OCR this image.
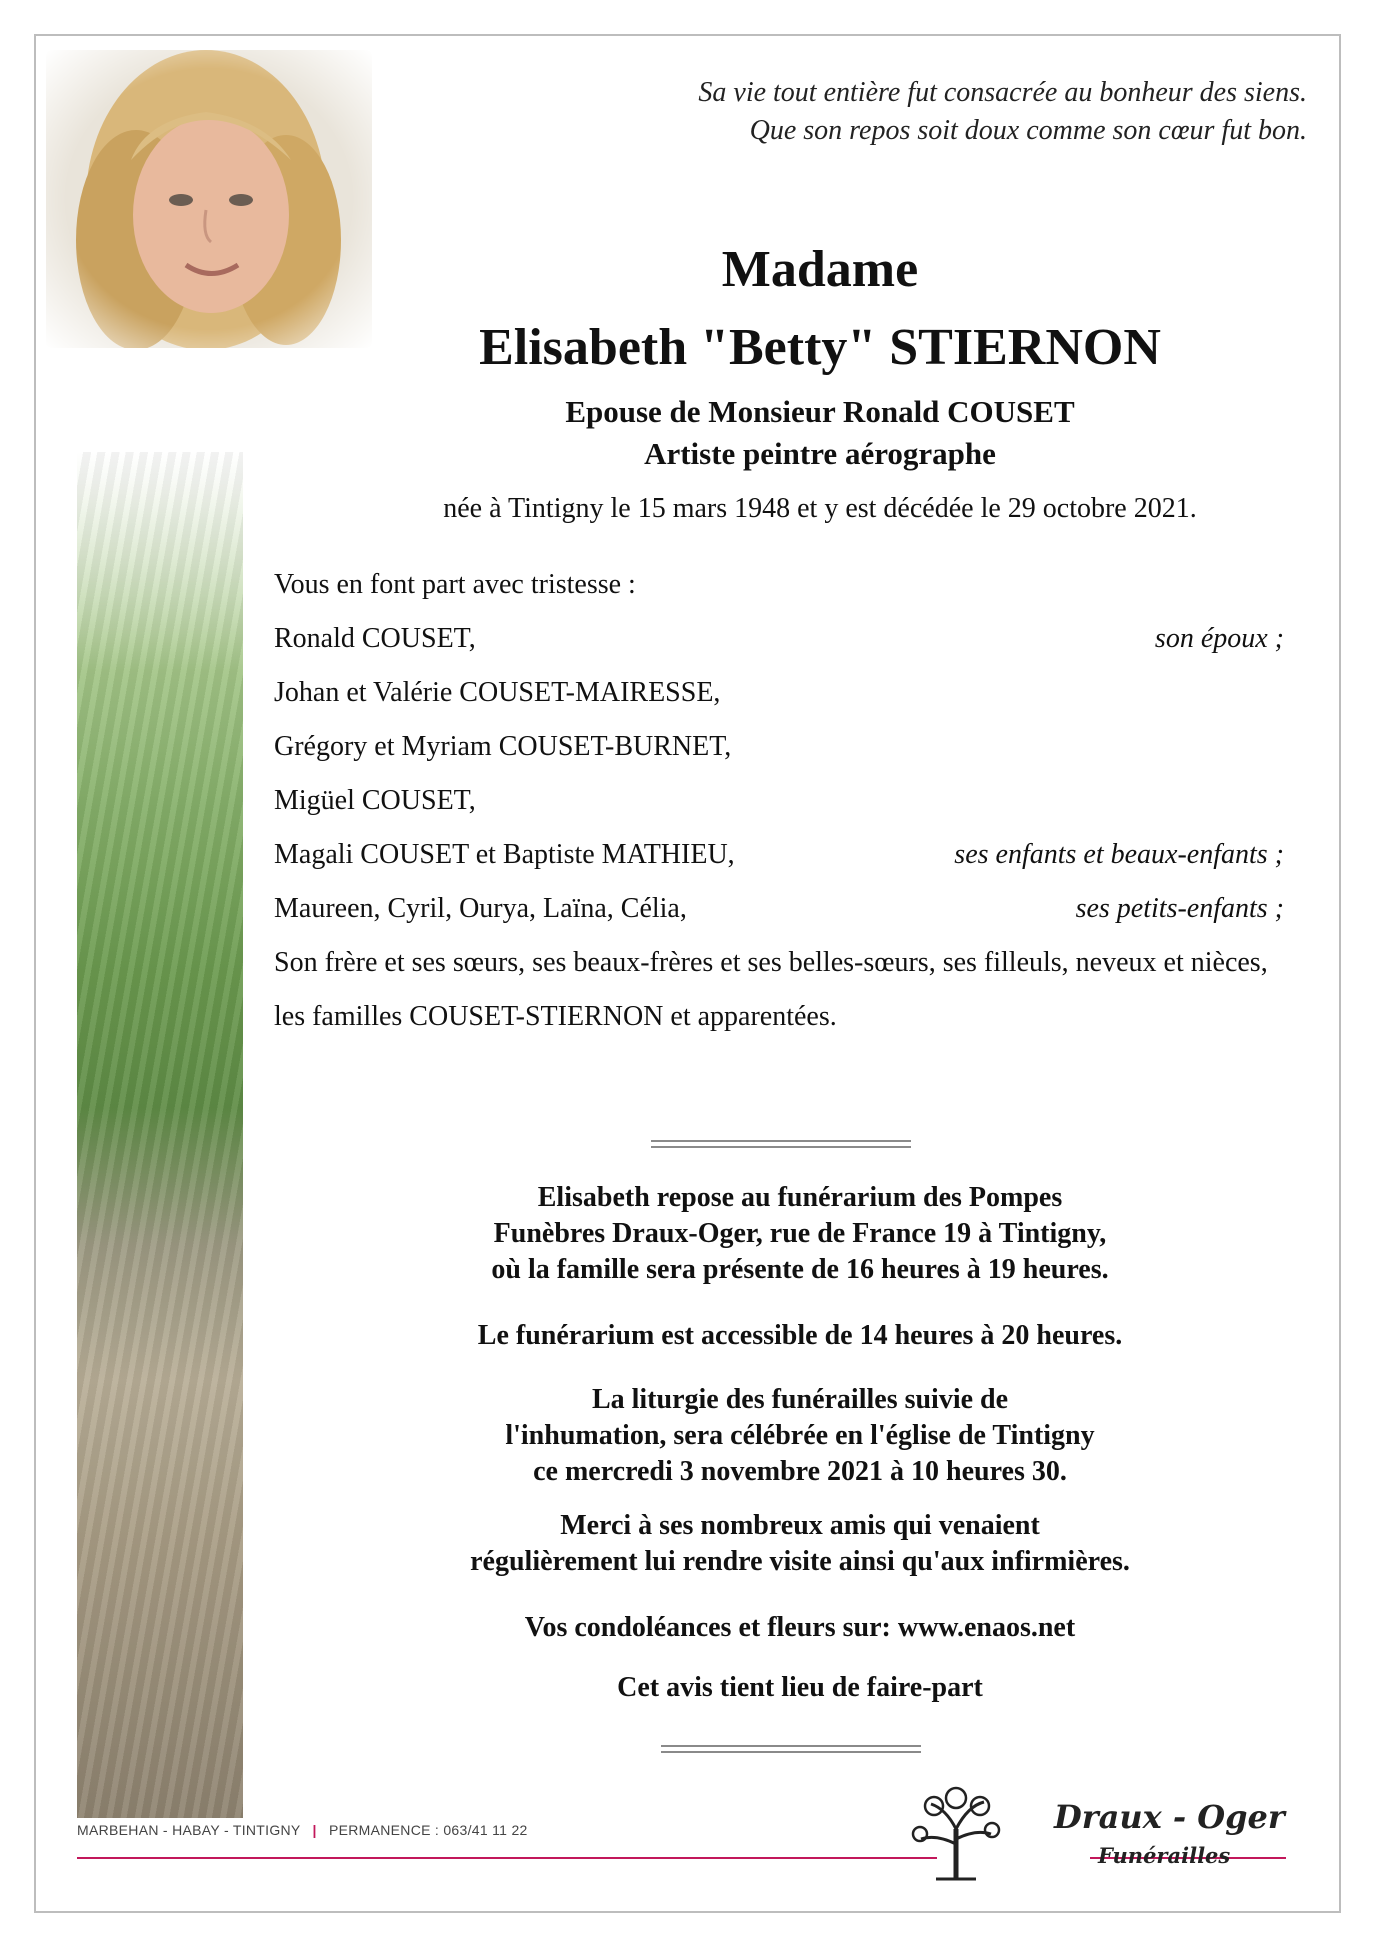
Sa vie tout entière fut consacrée au bonheur des siens.
Que son repos soit doux comme son cœur fut bon.
Madame
Elisabeth "Betty" STIERNON
Epouse de Monsieur Ronald COUSET
Artiste peintre aérographe
née à Tintigny le 15 mars 1948 et y est décédée le 29 octobre 2021.
Vous en font part avec tristesse :
Ronald COUSET,	son époux ;
Johan et Valérie COUSET-MAIRESSE,
Grégory et Myriam COUSET-BURNET,
Migüel COUSET,
Magali COUSET et Baptiste MATHIEU,	ses enfants et beaux-enfants ;
Maureen, Cyril, Ourya, Laïna, Célia,	ses petits-enfants ;
Son frère et ses sœurs, ses beaux-frères et ses belles-sœurs, ses filleuls, neveux et nièces,
les familles COUSET-STIERNON et apparentées.
Elisabeth repose au funérarium des Pompes
Funèbres Draux-Oger, rue de France 19 à Tintigny,
où la famille sera présente de 16 heures à 19 heures.
Le funérarium est accessible de 14 heures à 20 heures.
La liturgie des funérailles suivie de
l'inhumation, sera célébrée en l'église de Tintigny
ce mercredi 3 novembre 2021 à 10 heures 30.
Merci à ses nombreux amis qui venaient
régulièrement lui rendre visite ainsi qu'aux infirmières.
Vos condoléances et fleurs sur: www.enaos.net
Cet avis tient lieu de faire-part
MARBEHAN - HABAY - TINTIGNY | PERMANENCE : 063/41 11 22	Draux - Oger
Funérailles
